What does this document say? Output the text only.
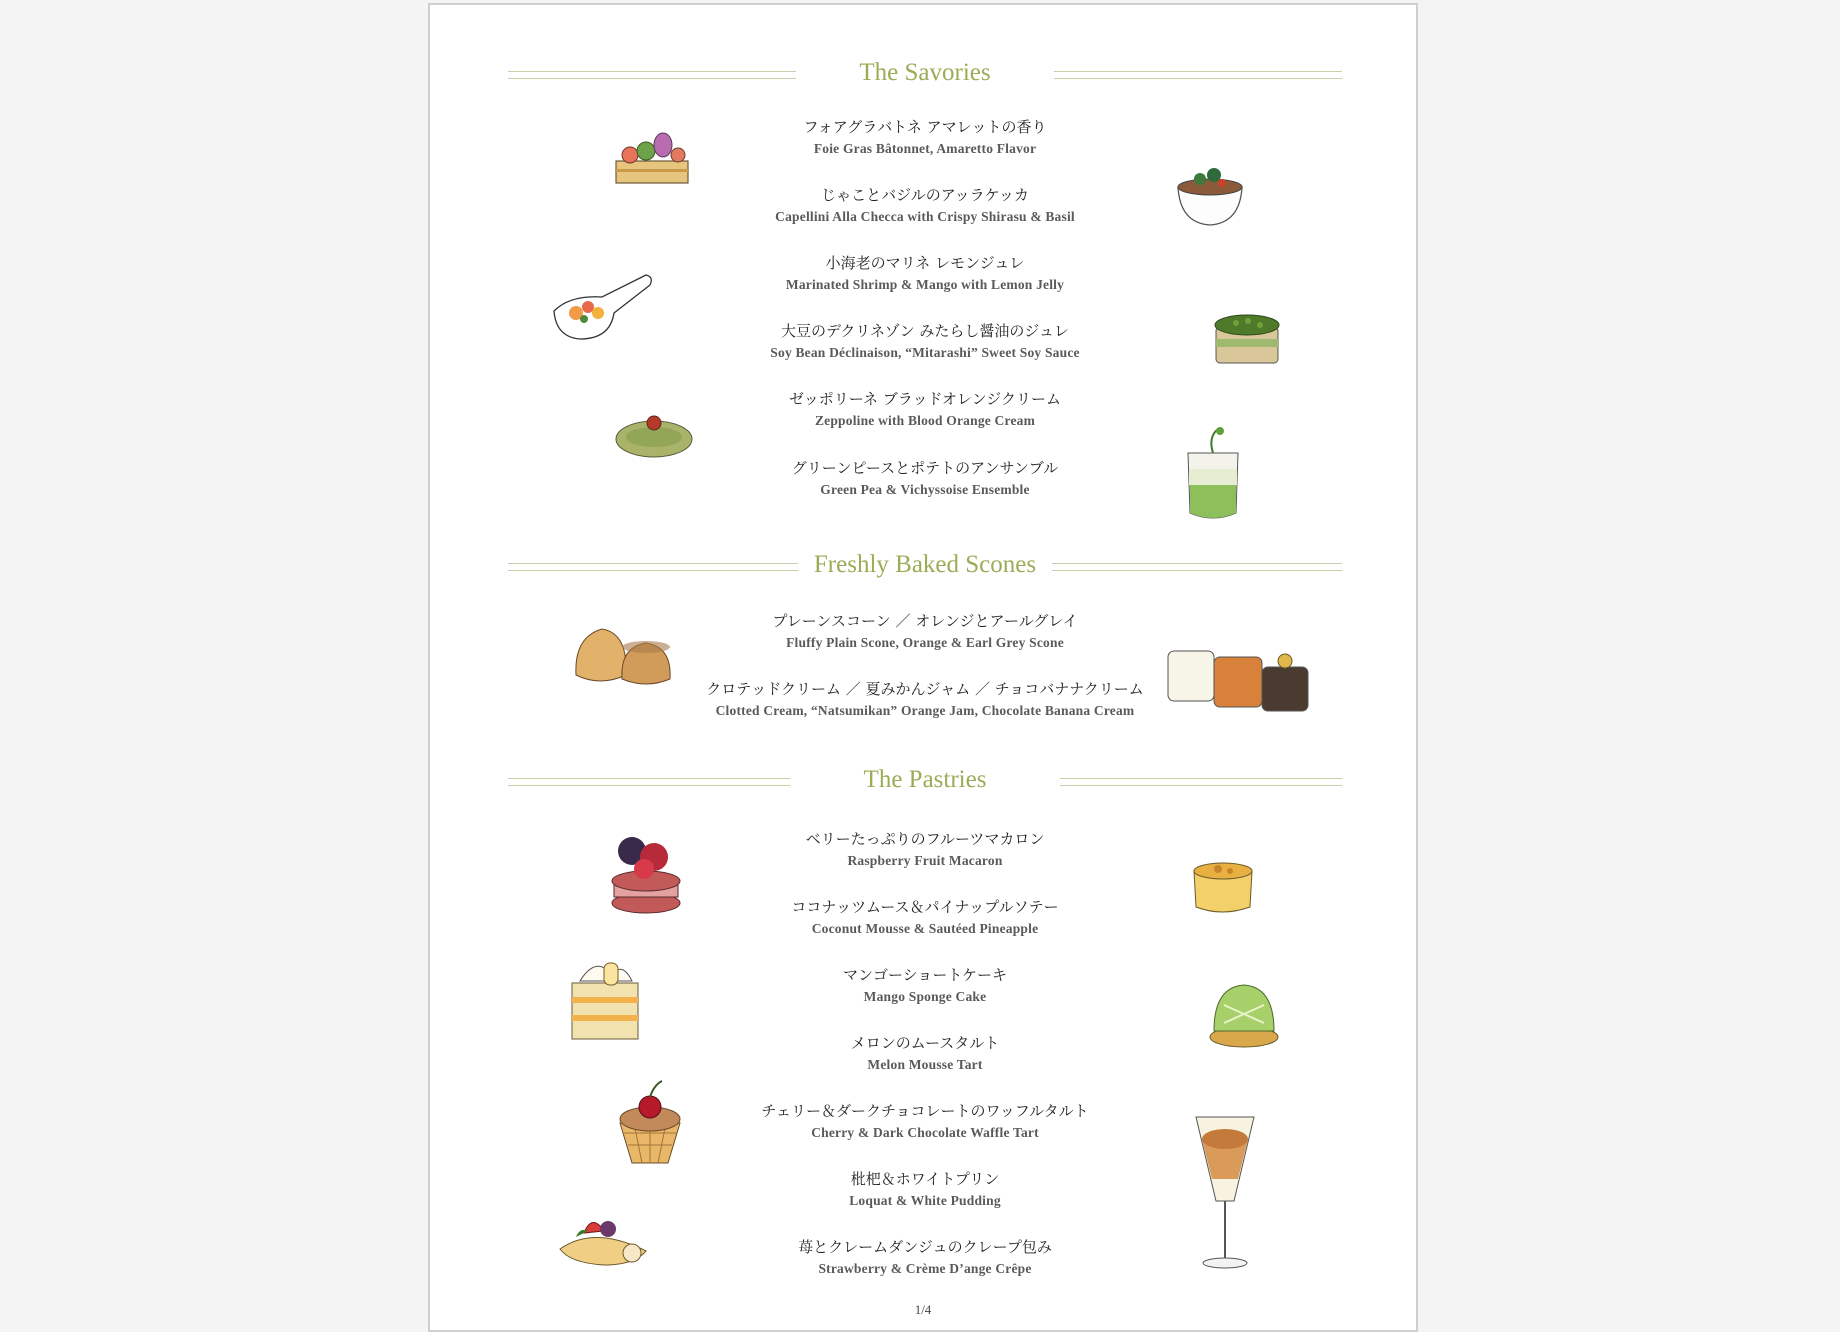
The Savories
フォアグラバトネ アマレットの香り
Foie Gras Bâtonnet, Amaretto Flavor
じゃことバジルのアッラケッカ
Capellini Alla Checca with Crispy Shirasu & Basil
小海老のマリネ レモンジュレ
Marinated Shrimp & Mango with Lemon Jelly
大豆のデクリネゾン みたらし醤油のジュレ
Soy Bean Déclinaison, “Mitarashi” Sweet Soy Sauce
ゼッポリーネ ブラッドオレンジクリーム
Zeppoline with Blood Orange Cream
グリーンピースとポテトのアンサンブル
Green Pea & Vichyssoise Ensemble
Freshly Baked Scones
プレーンスコーン ／ オレンジとアールグレイ
Fluffy Plain Scone, Orange & Earl Grey Scone
クロテッドクリーム ／ 夏みかんジャム ／ チョコバナナクリーム
Clotted Cream, “Natsumikan” Orange Jam, Chocolate Banana Cream
The Pastries
ベリーたっぷりのフルーツマカロン
Raspberry Fruit Macaron
ココナッツムース＆パイナップルソテー
Coconut Mousse & Sautéed Pineapple
マンゴーショートケーキ
Mango Sponge Cake
メロンのムースタルト
Melon Mousse Tart
チェリー＆ダークチョコレートのワッフルタルト
Cherry & Dark Chocolate Waffle Tart
枇杷＆ホワイトプリン
Loquat & White Pudding
苺とクレームダンジュのクレープ包み
Strawberry & Crème D’ange Crêpe
1/4
